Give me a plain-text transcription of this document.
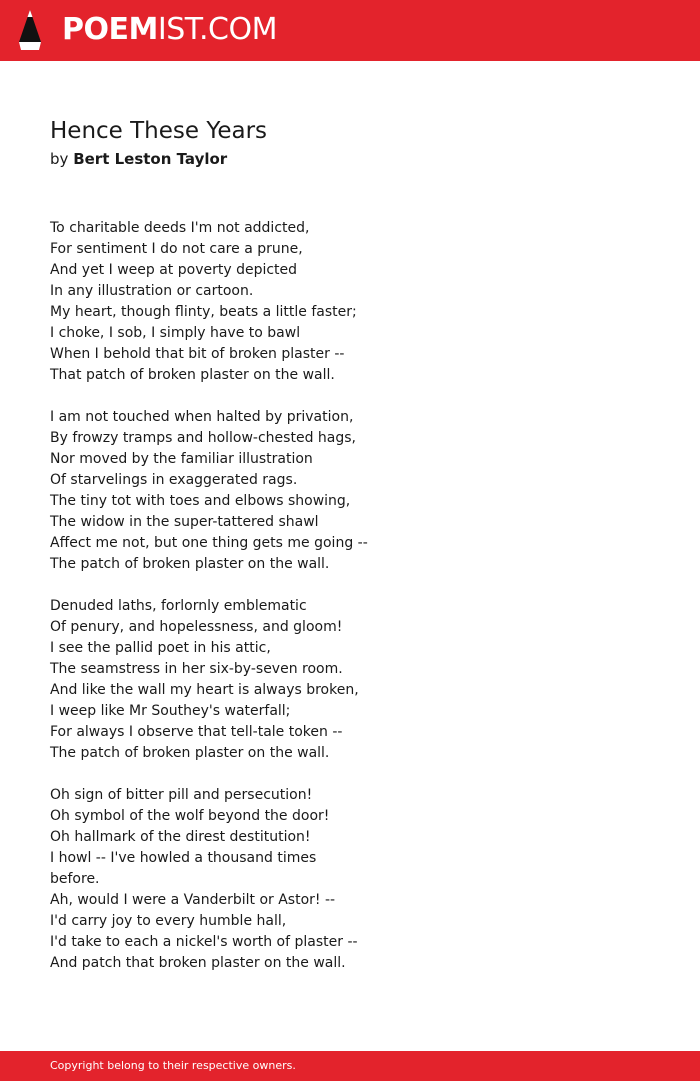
POEMIST.COM
Hence These Years
by Bert Leston Taylor
To charitable deeds I'm not addicted,
For sentiment I do not care a prune,
And yet I weep at poverty depicted
In any illustration or cartoon.
My heart, though flinty, beats a little faster;
I choke, I sob, I simply have to bawl
When I behold that bit of broken plaster --
That patch of broken plaster on the wall.
I am not touched when halted by privation,
By frowzy tramps and hollow-chested hags,
Nor moved by the familiar illustration
Of starvelings in exaggerated rags.
The tiny tot with toes and elbows showing,
The widow in the super-tattered shawl
Affect me not, but one thing gets me going --
The patch of broken plaster on the wall.
Denuded laths, forlornly emblematic
Of penury, and hopelessness, and gloom!
I see the pallid poet in his attic,
The seamstress in her six-by-seven room.
And like the wall my heart is always broken,
I weep like Mr Southey's waterfall;
For always I observe that tell-tale token --
The patch of broken plaster on the wall.
Oh sign of bitter pill and persecution!
Oh symbol of the wolf beyond the door!
Oh hallmark of the direst destitution!
I howl -- I've howled a thousand times
before.
Ah, would I were a Vanderbilt or Astor! --
I'd carry joy to every humble hall,
I'd take to each a nickel's worth of plaster --
And patch that broken plaster on the wall.
Copyright belong to their respective owners.
